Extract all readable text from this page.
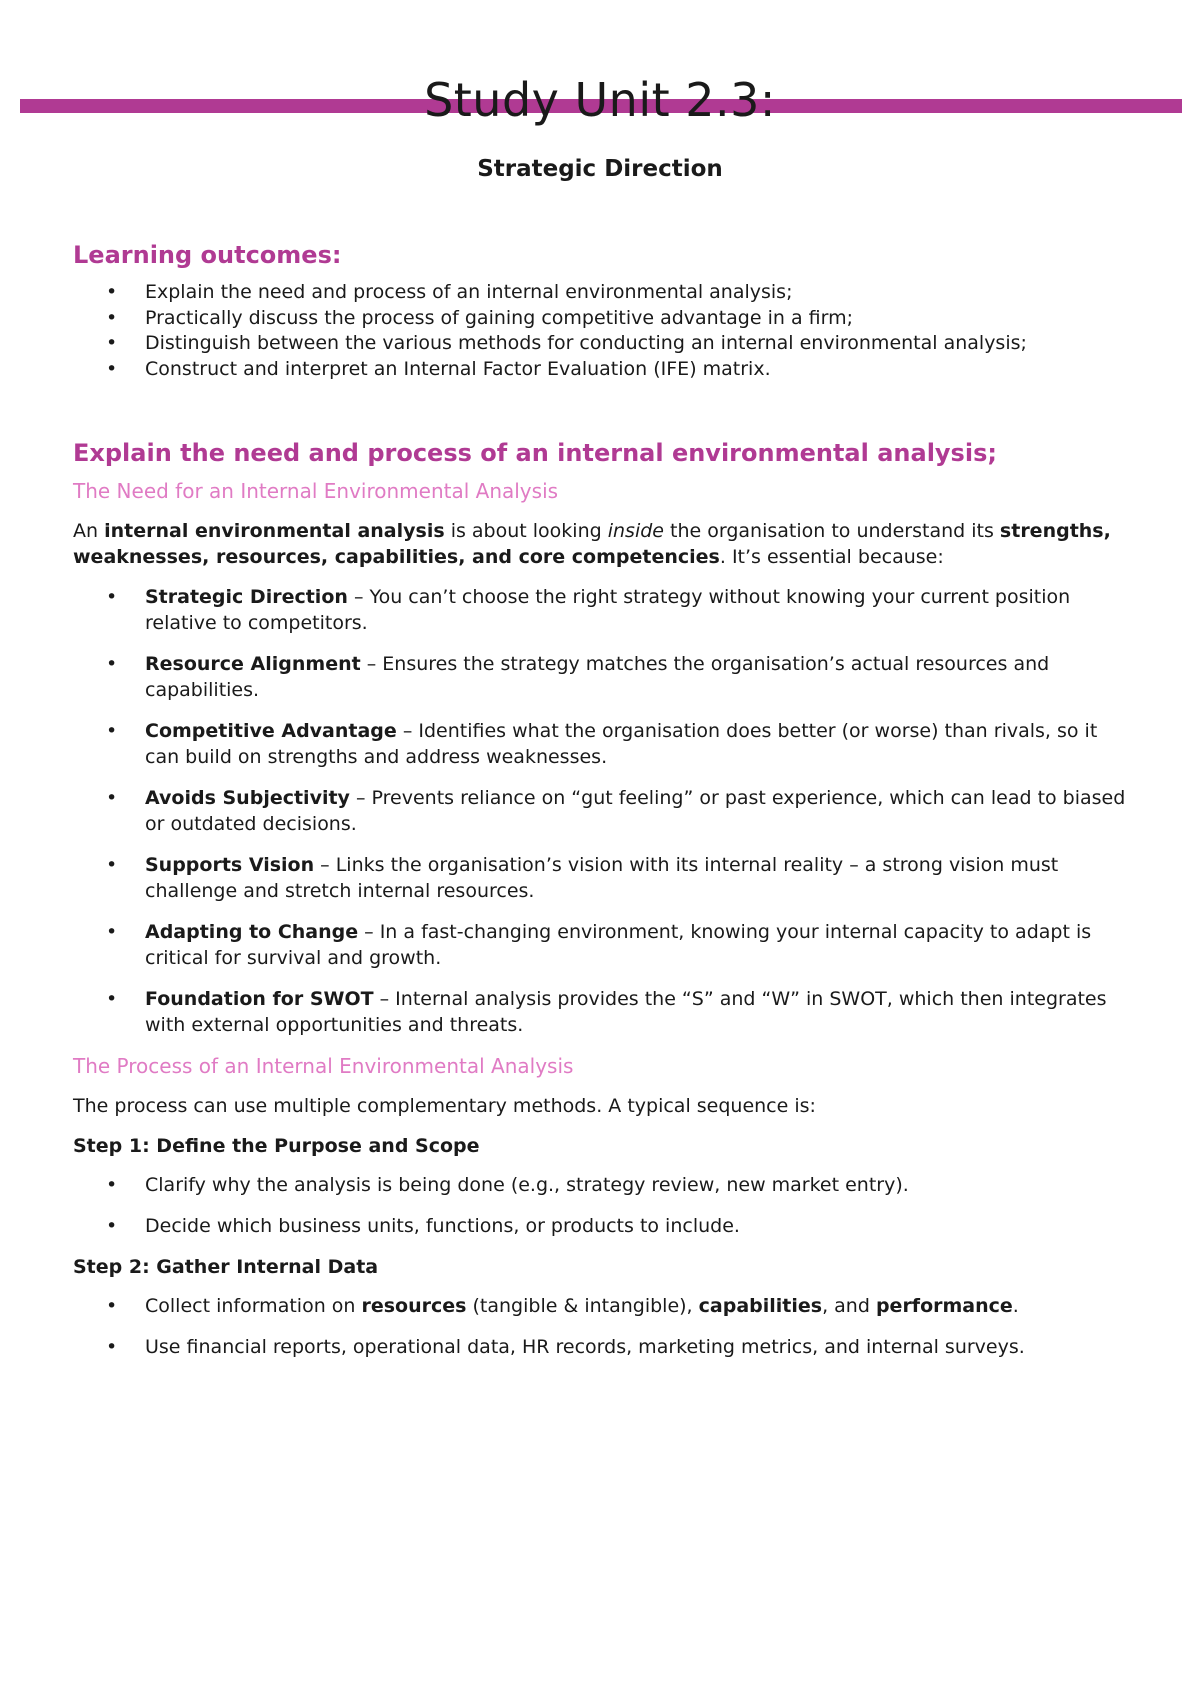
Study Unit 2.3:
Strategic Direction
Learning outcomes:
• Explain the need and process of an internal environmental analysis;
• Practically discuss the process of gaining competitive advantage in a firm;
• Distinguish between the various methods for conducting an internal environmental analysis;
• Construct and interpret an Internal Factor Evaluation (IFE) matrix.
Explain the need and process of an internal environmental analysis;
The Need for an Internal Environmental Analysis

An internal environmental analysis is about looking inside the organisation to understand its strengths, weaknesses, resources, capabilities, and core competencies. It’s essential because:

• Strategic Direction – You can’t choose the right strategy without knowing your current position relative to competitors.
• Resource Alignment – Ensures the strategy matches the organisation’s actual resources and capabilities.
• Competitive Advantage – Identifies what the organisation does better (or worse) than rivals, so it can build on strengths and address weaknesses.
• Avoids Subjectivity – Prevents reliance on “gut feeling” or past experience, which can lead to biased or outdated decisions.
• Supports Vision – Links the organisation’s vision with its internal reality – a strong vision must challenge and stretch internal resources.
• Adapting to Change – In a fast-changing environment, knowing your internal capacity to adapt is critical for survival and growth.
• Foundation for SWOT – Internal analysis provides the “S” and “W” in SWOT, which then integrates with external opportunities and threats.
The Process of an Internal Environmental Analysis

The process can use multiple complementary methods. A typical sequence is:

Step 1: Define the Purpose and Scope
• Clarify why the analysis is being done (e.g., strategy review, new market entry).
• Decide which business units, functions, or products to include.
Step 2: Gather Internal Data
• Collect information on resources (tangible & intangible), capabilities, and performance.
• Use financial reports, operational data, HR records, marketing metrics, and internal surveys.
